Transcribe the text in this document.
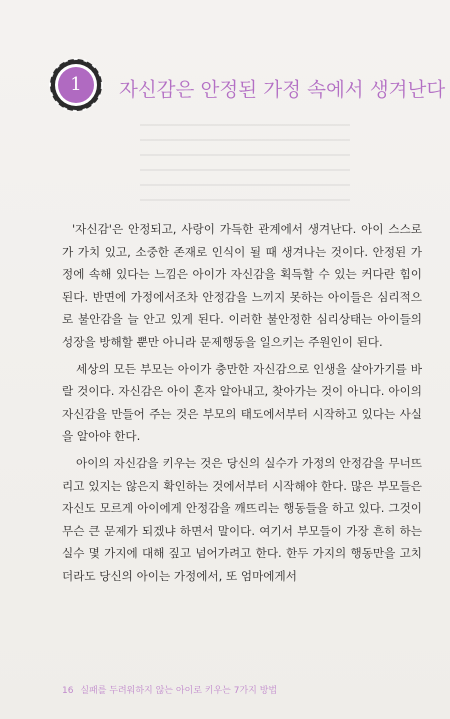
1 자신감은 안정된 가정 속에서 생겨난다

'자신감'은 안정되고, 사랑이 가득한 관계에서 생겨난다. 아이 스스로가 가치 있고, 소중한 존재로 인식이 될 때 생겨나는 것이다. 안정된 가정에 속해 있다는 느낌은 아이가 자신감을 획득할 수 있는 커다란 힘이 된다. 반면에 가정에서조차 안정감을 느끼지 못하는 아이들은 심리적으로 불안감을 늘 안고 있게 된다. 이러한 불안정한 심리상태는 아이들의 성장을 방해할 뿐만 아니라 문제행동을 일으키는 주원인이 된다.

세상의 모든 부모는 아이가 충만한 자신감으로 인생을 살아가기를 바랄 것이다. 자신감은 아이 혼자 알아내고, 찾아가는 것이 아니다. 아이의 자신감을 만들어 주는 것은 부모의 태도에서부터 시작하고 있다는 사실을 알아야 한다.

아이의 자신감을 키우는 것은 당신의 실수가 가정의 안정감을 무너뜨리고 있지는 않은지 확인하는 것에서부터 시작해야 한다. 많은 부모들은 자신도 모르게 아이에게 안정감을 깨뜨리는 행동들을 하고 있다. 그것이 무슨 큰 문제가 되겠냐 하면서 말이다. 여기서 부모들이 가장 흔히 하는 실수 몇 가지에 대해 짚고 넘어가려고 한다. 한두 가지의 행동만을 고치더라도 당신의 아이는 가정에서, 또 엄마에게서

16 실패를 두려워하지 않는 아이로 키우는 7가지 방법
